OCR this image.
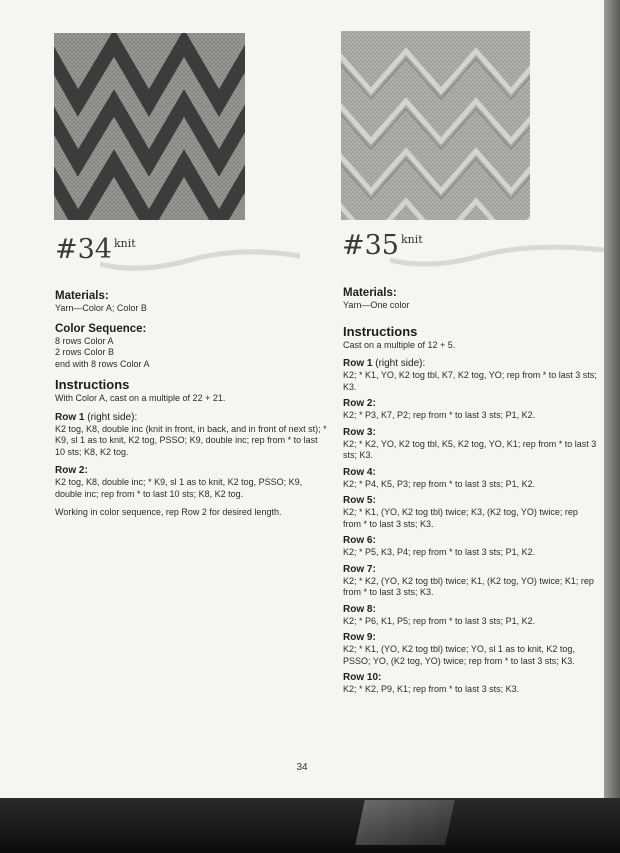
#34 knit	#35 knit

Materials:

Yarn—Color A; Color B

Color Sequence:

8 rows Color A

2 rows Color B

end with 8 rows Color A

Instructions

With Color A, cast on a multiple of 22 + 21.

Row 1 (right side):

K2 tog, K8, double inc (knit in front, in back, and in front of next st); * K9, sl 1 as to knit, K2 tog, PSSO; K9, double inc; rep from * to last 10 sts; K8, K2 tog.

Row 2:

K2 tog, K8, double inc; * K9, sl 1 as to knit, K2 tog, PSSO; K9, double inc; rep from * to last 10 sts; K8, K2 tog.

Working in color sequence, rep Row 2 for desired length.

Materials:

Yarn—One color

Instructions

Cast on a multiple of 12 + 5.

Row 1 (right side):

K2; * K1, YO, K2 tog tbl, K7, K2 tog, YO; rep from * to last 3 sts; K3.

Row 2:

K2; * P3, K7, P2; rep from * to last 3 sts; P1, K2.

Row 3:

K2; * K2, YO, K2 tog tbl, K5, K2 tog, YO, K1; rep from * to last 3 sts; K3.

Row 4:

K2; * P4, K5, P3; rep from * to last 3 sts; P1, K2.

Row 5:

K2; * K1, (YO, K2 tog tbl) twice; K3, (K2 tog, YO) twice; rep from * to last 3 sts; K3.

Row 6:

K2; * P5, K3, P4; rep from * to last 3 sts; P1, K2.

Row 7:

K2; * K2, (YO, K2 tog tbl) twice; K1, (K2 tog, YO) twice; K1; rep from * to last 3 sts; K3.

Row 8:

K2; * P6, K1, P5; rep from * to last 3 sts; P1, K2.

Row 9:

K2; * K1, (YO, K2 tog tbl) twice; YO, sl 1 as to knit, K2 tog, PSSO; YO, (K2 tog, YO) twice; rep from * to last 3 sts; K3.

Row 10:

K2; * K2, P9, K1; rep from * to last 3 sts; K3.

34
